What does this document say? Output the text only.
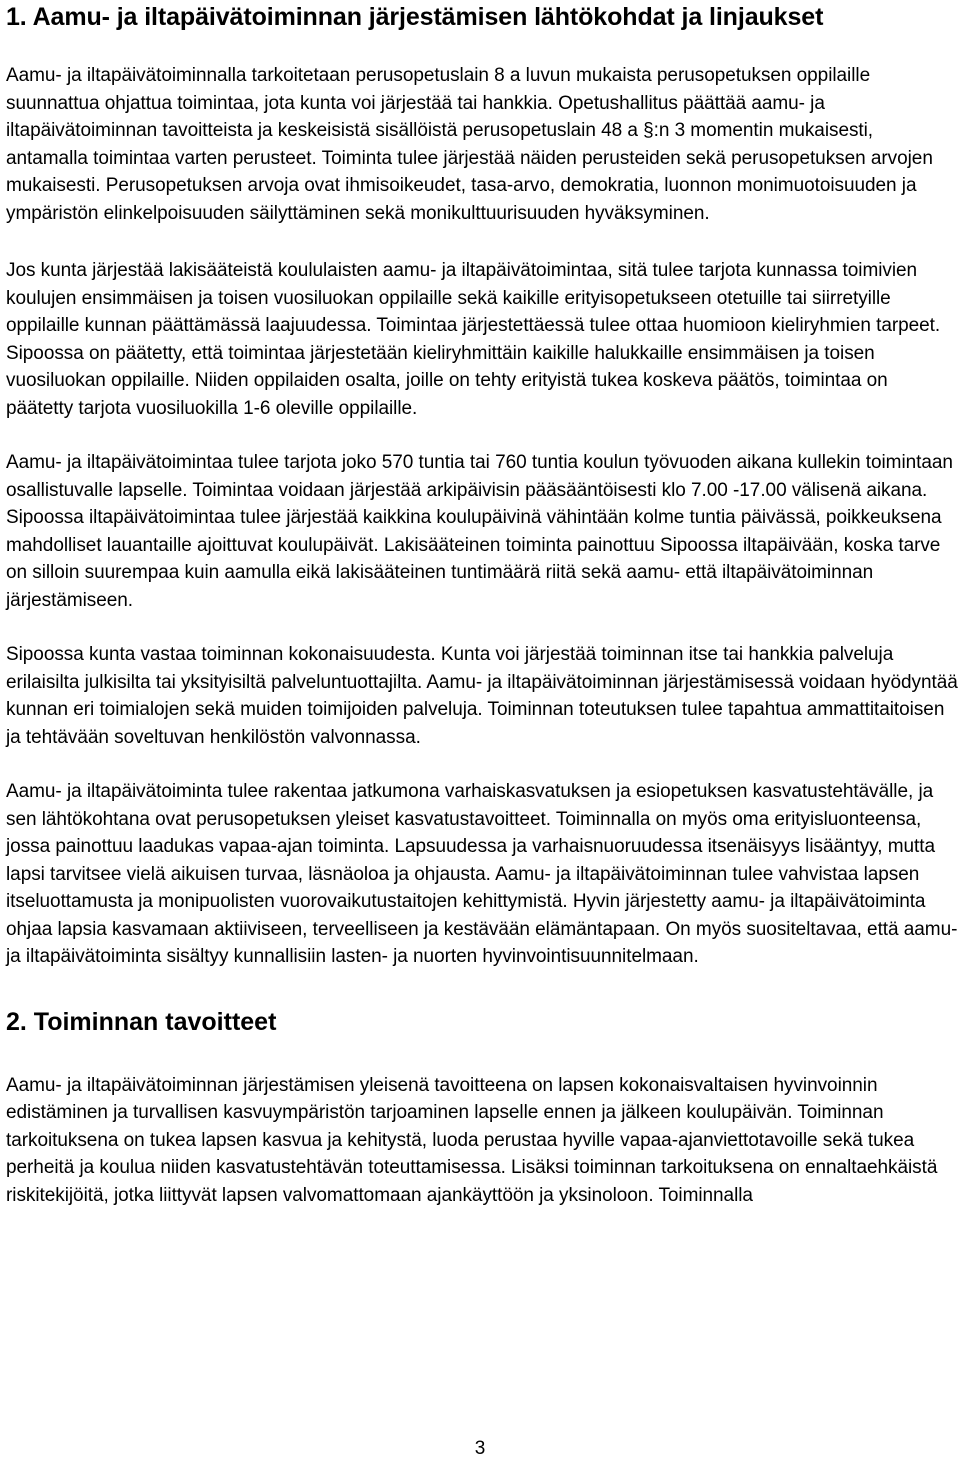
1. Aamu- ja iltapäivätoiminnan järjestämisen lähtökohdat ja linjaukset

Aamu- ja iltapäivätoiminnalla tarkoitetaan perusopetuslain 8 a luvun mukaista perusopetuksen oppilaille suunnattua ohjattua toimintaa, jota kunta voi järjestää tai hankkia. Opetushallitus päättää aamu- ja iltapäivätoiminnan tavoitteista ja keskeisistä sisällöistä perusopetuslain 48 a §:n 3 momentin mukaisesti, antamalla toimintaa varten perusteet. Toiminta tulee järjestää näiden perusteiden sekä perusopetuksen arvojen mukaisesti. Perusopetuksen arvoja ovat ihmisoikeudet, tasa-arvo, demokratia, luonnon monimuotoisuuden ja ympäristön elinkelpoisuuden säilyttäminen sekä monikulttuurisuuden hyväksyminen.

Jos kunta järjestää lakisääteistä koululaisten aamu- ja iltapäivätoimintaa, sitä tulee tarjota kunnassa toimivien koulujen ensimmäisen ja toisen vuosiluokan oppilaille sekä kaikille erityisopetukseen otetuille tai siirretyille oppilaille kunnan päättämässä laajuudessa. Toimintaa järjestettäessä tulee ottaa huomioon kieliryhmien tarpeet. Sipoossa on päätetty, että toimintaa järjestetään kieliryhmittäin kaikille halukkaille ensimmäisen ja toisen vuosiluokan oppilaille. Niiden oppilaiden osalta, joille on tehty erityistä tukea koskeva päätös, toimintaa on päätetty tarjota vuosiluokilla 1-6 oleville oppilaille.

Aamu- ja iltapäivätoimintaa tulee tarjota joko 570 tuntia tai 760 tuntia koulun työvuoden aikana kullekin toimintaan osallistuvalle lapselle. Toimintaa voidaan järjestää arkipäivisin pääsääntöisesti klo 7.00 -17.00 välisenä aikana. Sipoossa iltapäivätoimintaa tulee järjestää kaikkina koulupäivinä vähintään kolme tuntia päivässä, poikkeuksena mahdolliset lauantaille ajoittuvat koulupäivät. Lakisääteinen toiminta painottuu Sipoossa iltapäivään, koska tarve on silloin suurempaa kuin aamulla eikä lakisääteinen tuntimäärä riitä sekä aamu- että iltapäivätoiminnan järjestämiseen.

Sipoossa kunta vastaa toiminnan kokonaisuudesta. Kunta voi järjestää toiminnan itse tai hankkia palveluja erilaisilta julkisilta tai yksityisiltä palveluntuottajilta. Aamu- ja iltapäivätoiminnan järjestämisessä voidaan hyödyntää kunnan eri toimialojen sekä muiden toimijoiden palveluja. Toiminnan toteutuksen tulee tapahtua ammattitaitoisen ja tehtävään soveltuvan henkilöstön valvonnassa.

Aamu- ja iltapäivätoiminta tulee rakentaa jatkumona varhaiskasvatuksen ja esiopetuksen kasvatustehtävälle, ja sen lähtökohtana ovat perusopetuksen yleiset kasvatustavoitteet. Toiminnalla on myös oma erityisluonteensa, jossa painottuu laadukas vapaa-ajan toiminta. Lapsuudessa ja varhaisnuoruudessa itsenäisyys lisääntyy, mutta lapsi tarvitsee vielä aikuisen turvaa, läsnäoloa ja ohjausta. Aamu- ja iltapäivätoiminnan tulee vahvistaa lapsen itseluottamusta ja monipuolisten vuorovaikutustaitojen kehittymistä. Hyvin järjestetty aamu- ja iltapäivätoiminta ohjaa lapsia kasvamaan aktiiviseen, terveelliseen ja kestävään elämäntapaan. On myös suositeltavaa, että aamu- ja iltapäivätoiminta sisältyy kunnallisiin lasten- ja nuorten hyvinvointisuunnitelmaan.

2. Toiminnan tavoitteet

Aamu- ja iltapäivätoiminnan järjestämisen yleisenä tavoitteena on lapsen kokonaisvaltaisen hyvinvoinnin edistäminen ja turvallisen kasvuympäristön tarjoaminen lapselle ennen ja jälkeen koulupäivän. Toiminnan tarkoituksena on tukea lapsen kasvua ja kehitystä, luoda perustaa hyville vapaa-ajanviettotavoille sekä tukea perheitä ja koulua niiden kasvatustehtävän toteuttamisessa. Lisäksi toiminnan tarkoituksena on ennaltaehkäistä riskitekijöitä, jotka liittyvät lapsen valvomattomaan ajankäyttöön ja yksinoloon. Toiminnalla

3
